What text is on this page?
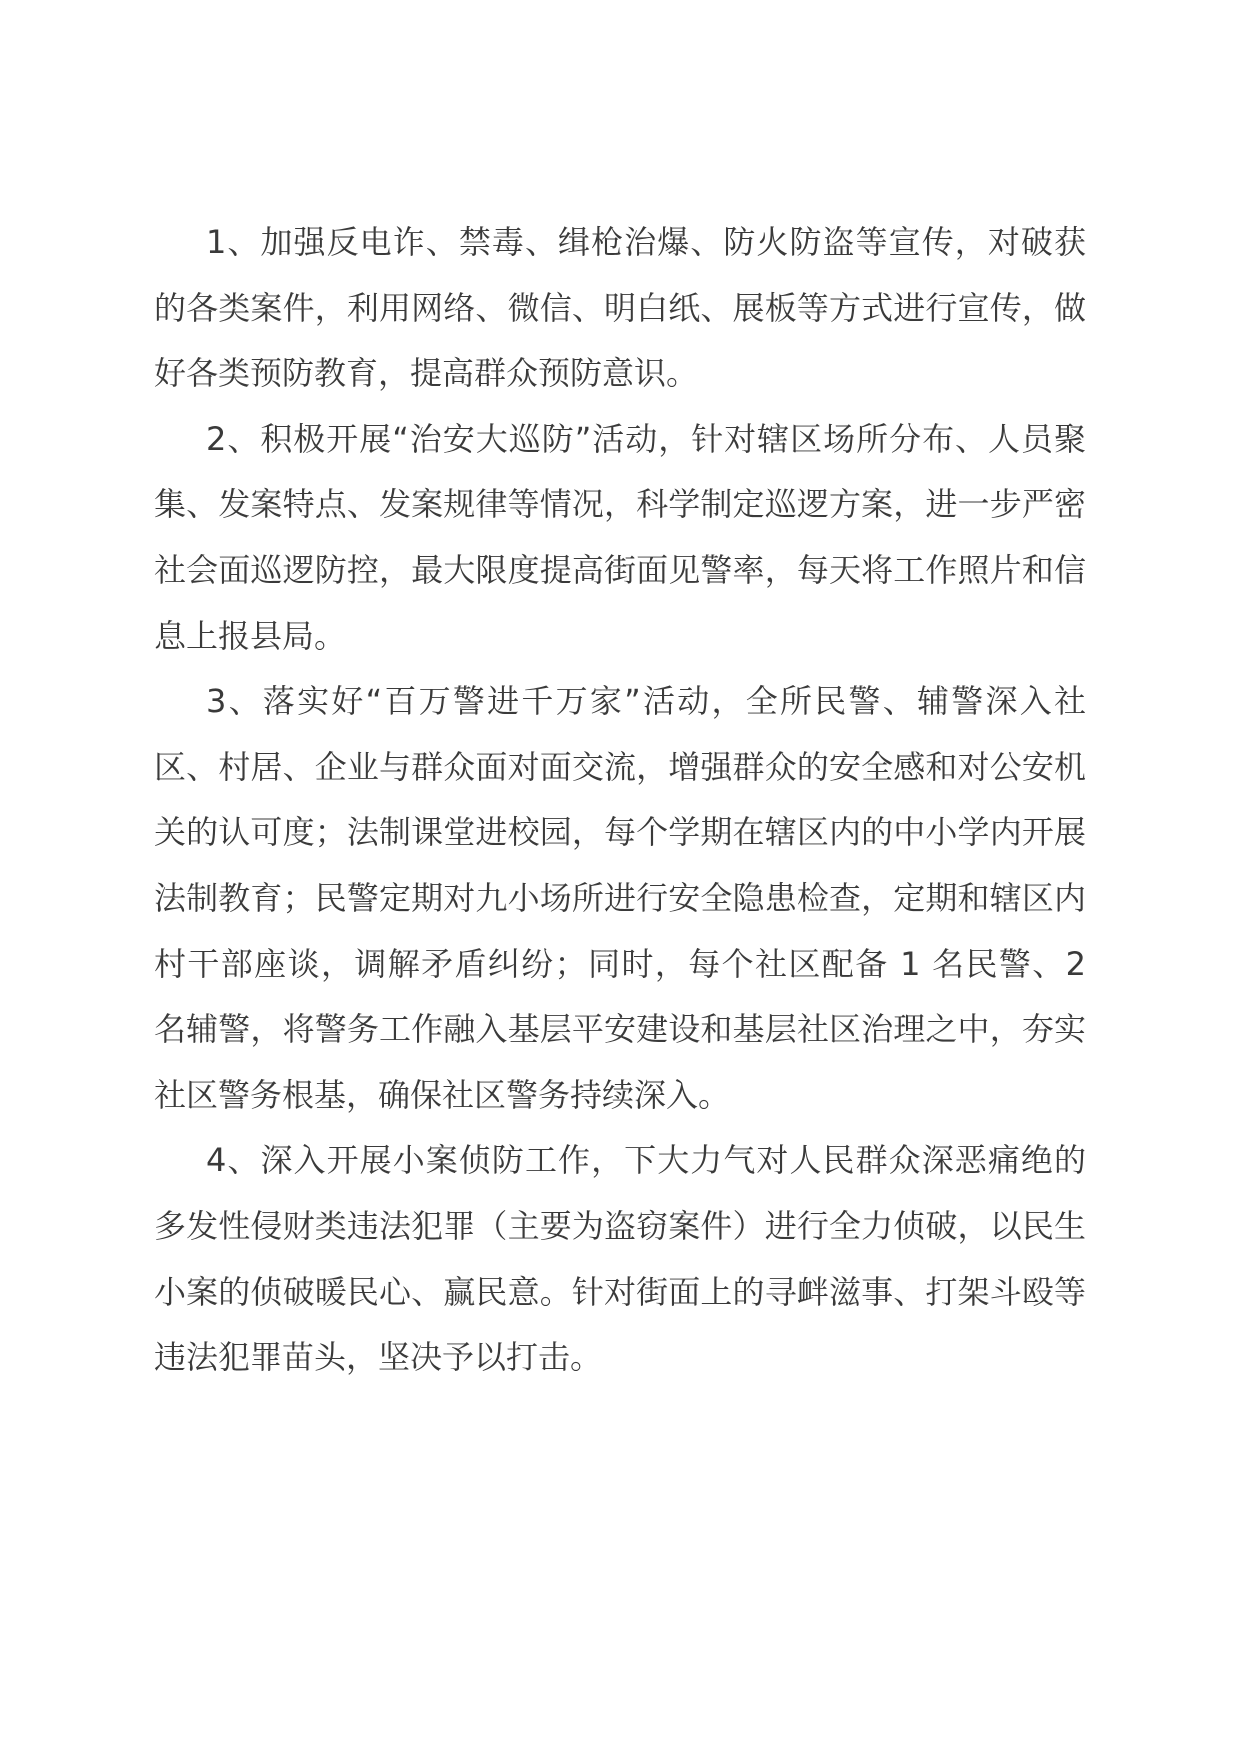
1、加强反电诈、禁毒、缉枪治爆、防火防盗等宣传，对破获的各类案件，利用网络、微信、明白纸、展板等方式进行宣传，做好各类预防教育，提高群众预防意识。

2、积极开展“治安大巡防”活动，针对辖区场所分布、人员聚集、发案特点、发案规律等情况，科学制定巡逻方案，进一步严密社会面巡逻防控，最大限度提高街面见警率，每天将工作照片和信息上报县局。

3、落实好“百万警进千万家”活动，全所民警、辅警深入社区、村居、企业与群众面对面交流，增强群众的安全感和对公安机关的认可度；法制课堂进校园，每个学期在辖区内的中小学内开展法制教育；民警定期对九小场所进行安全隐患检查，定期和辖区内村干部座谈，调解矛盾纠纷；同时，每个社区配备 1 名民警、2 名辅警，将警务工作融入基层平安建设和基层社区治理之中，夯实社区警务根基，确保社区警务持续深入。

4、深入开展小案侦防工作，下大力气对人民群众深恶痛绝的多发性侵财类违法犯罪（主要为盗窃案件）进行全力侦破，以民生小案的侦破暖民心、赢民意。针对街面上的寻衅滋事、打架斗殴等违法犯罪苗头，坚决予以打击。
